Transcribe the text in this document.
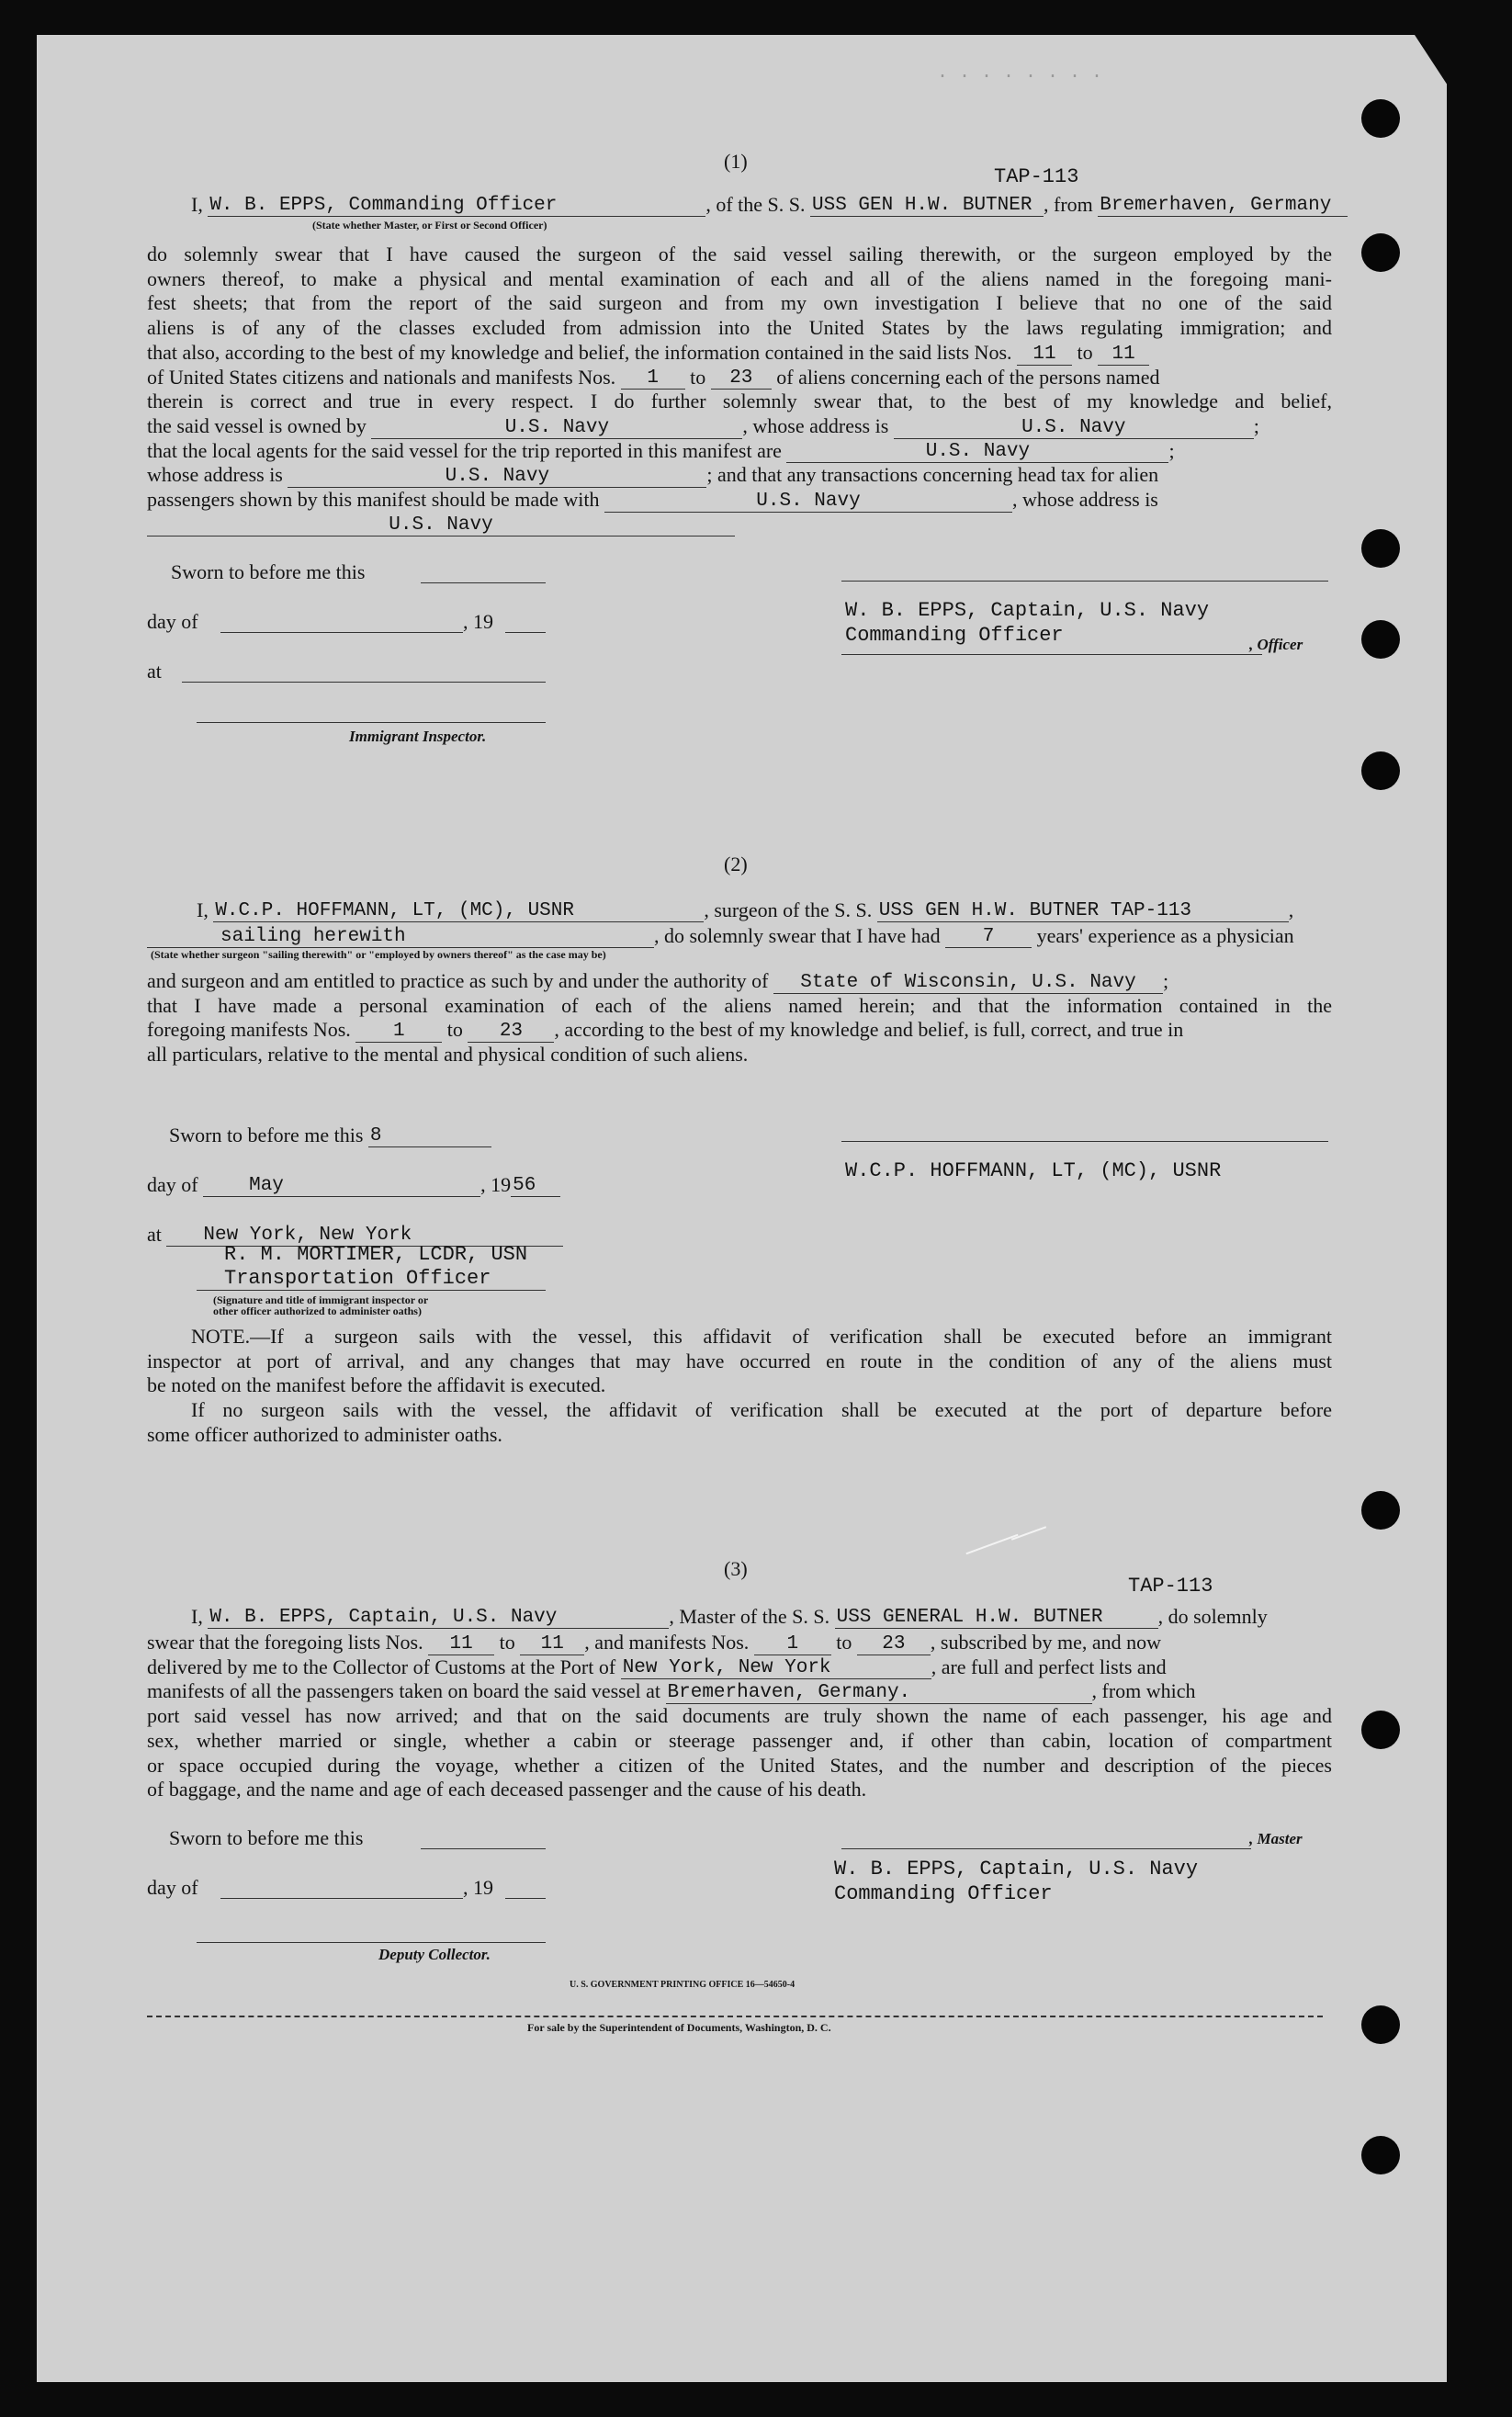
· · · · · · · ·
(1)
TAP-113
I, W. B. EPPS, Commanding Officer	, of the S. S. USS GEN H.W. BUTNER , from Bremerhaven, Germany
(State whether Master, or First or Second Officer)
do solemnly swear that I have caused the surgeon of the said vessel sailing therewith, or the surgeon employed by the
owners thereof, to make a physical and mental examination of each and all of the aliens named in the foregoing mani-
fest sheets; that from the report of the said surgeon and from my own investigation I believe that no one of the said
aliens is of any of the classes excluded from admission into the United States by the laws regulating immigration; and
that also, according to the best of my knowledge and belief, the information contained in the said lists Nos. 11 to 11
of United States citizens and nationals and manifests Nos. 1 to 23 of aliens concerning each of the persons named
therein is correct and true in every respect. I do further solemnly swear that, to the best of my knowledge and belief,
the said vessel is owned by	U.S. Navy	, whose address is	U.S. Navy	;
that the local agents for the said vessel for the trip reported in this manifest are	U.S. Navy	;
whose address is	U.S. Navy	; and that any transactions concerning head tax for alien
passengers shown by this manifest should be made with	U.S. Navy	, whose address is
U.S. Navy
Sworn to before me this
day of	, 19
at
Immigrant Inspector.
W. B. EPPS, Captain, U.S. Navy
Commanding Officer	, Officer
(2)
I, W.C.P. HOFFMANN, LT, (MC), USNR	, surgeon of the S. S. USS GEN H.W. BUTNER TAP-113	,
sailing herewith	, do solemnly swear that I have had 7 years' experience as a physician
(State whether surgeon "sailing therewith" or "employed by owners thereof" as the case may be)
and surgeon and am entitled to practice as such by and under the authority of State of Wisconsin, U.S. Navy ;
that I have made a personal examination of each of the aliens named herein; and that the information contained in the
foregoing manifests Nos. 1 to 23 , according to the best of my knowledge and belief, is full, correct, and true in
all particulars, relative to the mental and physical condition of such aliens.
Sworn to before me this 8
day of	May	, 1956
at New York, New York
R. M. MORTIMER, LCDR, USN
Transportation Officer
(Signature and title of immigrant inspector or
other officer authorized to administer oaths)
W.C.P. HOFFMANN, LT, (MC), USNR
NOTE.—If a surgeon sails with the vessel, this affidavit of verification shall be executed before an immigrant
inspector at port of arrival, and any changes that may have occurred en route in the condition of any of the aliens must
be noted on the manifest before the affidavit is executed.
If no surgeon sails with the vessel, the affidavit of verification shall be executed at the port of departure before
some officer authorized to administer oaths.
(3)
TAP-113
I, W. B. EPPS, Captain, U.S. Navy	, Master of the S. S. USS GENERAL H.W. BUTNER	, do solemnly
swear that the foregoing lists Nos. 11 to 11 , and manifests Nos. 1 to 23 , subscribed by me, and now
delivered by me to the Collector of Customs at the Port of New York, New York	, are full and perfect lists and
manifests of all the passengers taken on board the said vessel at Bremerhaven, Germany.	, from which
port said vessel has now arrived; and that on the said documents are truly shown the name of each passenger, his age and
sex, whether married or single, whether a cabin or steerage passenger and, if other than cabin, location of compartment
or space occupied during the voyage, whether a citizen of the United States, and the number and description of the pieces
of baggage, and the name and age of each deceased passenger and the cause of his death.
Sworn to before me this
day of	, 19
Deputy Collector.
, Master
W. B. EPPS, Captain, U.S. Navy
Commanding Officer
U. S. GOVERNMENT PRINTING OFFICE 16—54650-4
For sale by the Superintendent of Documents, Washington, D. C.
